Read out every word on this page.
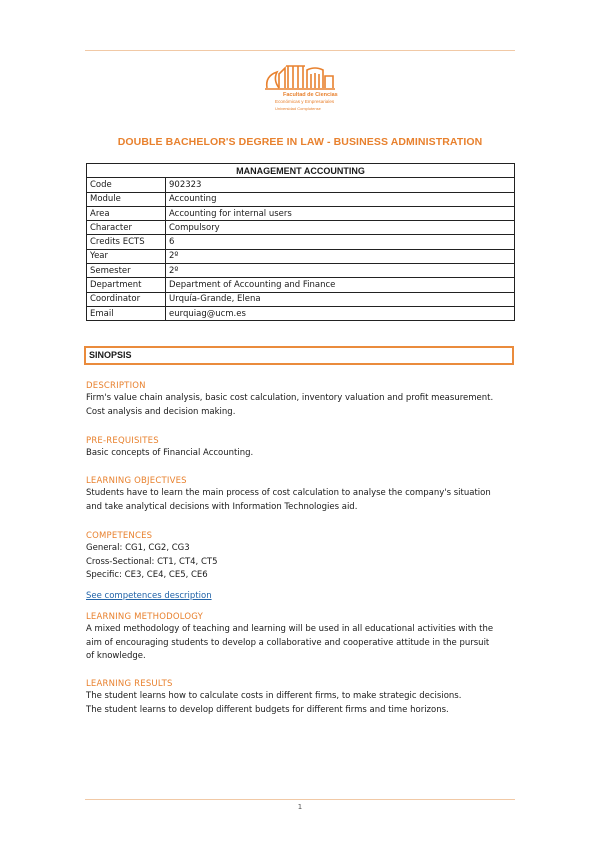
Facultad de Ciencias
Económicas y Empresariales
Universidad Complutense
DOUBLE BACHELOR'S DEGREE IN LAW - BUSINESS ADMINISTRATION
MANAGEMENT ACCOUNTING	
Code	902323
Module	Accounting
Area	Accounting for internal users
Character	Compulsory
Credits ECTS	6
Year	2º
Semester	2º
Department	Department of Accounting and Finance
Coordinator	Urquía-Grande, Elena
Email	eurquiag@ucm.es
SINOPSIS
DESCRIPTION

Firm's value chain analysis, basic cost calculation, inventory valuation and profit measurement.

Cost analysis and decision making.

PRE-REQUISITES

Basic concepts of Financial Accounting.

LEARNING OBJECTIVES

Students have to learn the main process of cost calculation to analyse the company's situation

and take analytical decisions with Information Technologies aid.

COMPETENCES

General: CG1, CG2, CG3

Cross-Sectional: CT1, CT4, CT5

Specific: CE3, CE4, CE5, CE6

See competences description
LEARNING METHODOLOGY

A mixed methodology of teaching and learning will be used in all educational activities with the

aim of encouraging students to develop a collaborative and cooperative attitude in the pursuit

of knowledge.

LEARNING RESULTS

The student learns how to calculate costs in different firms, to make strategic decisions.

The student learns to develop different budgets for different firms and time horizons.

1
